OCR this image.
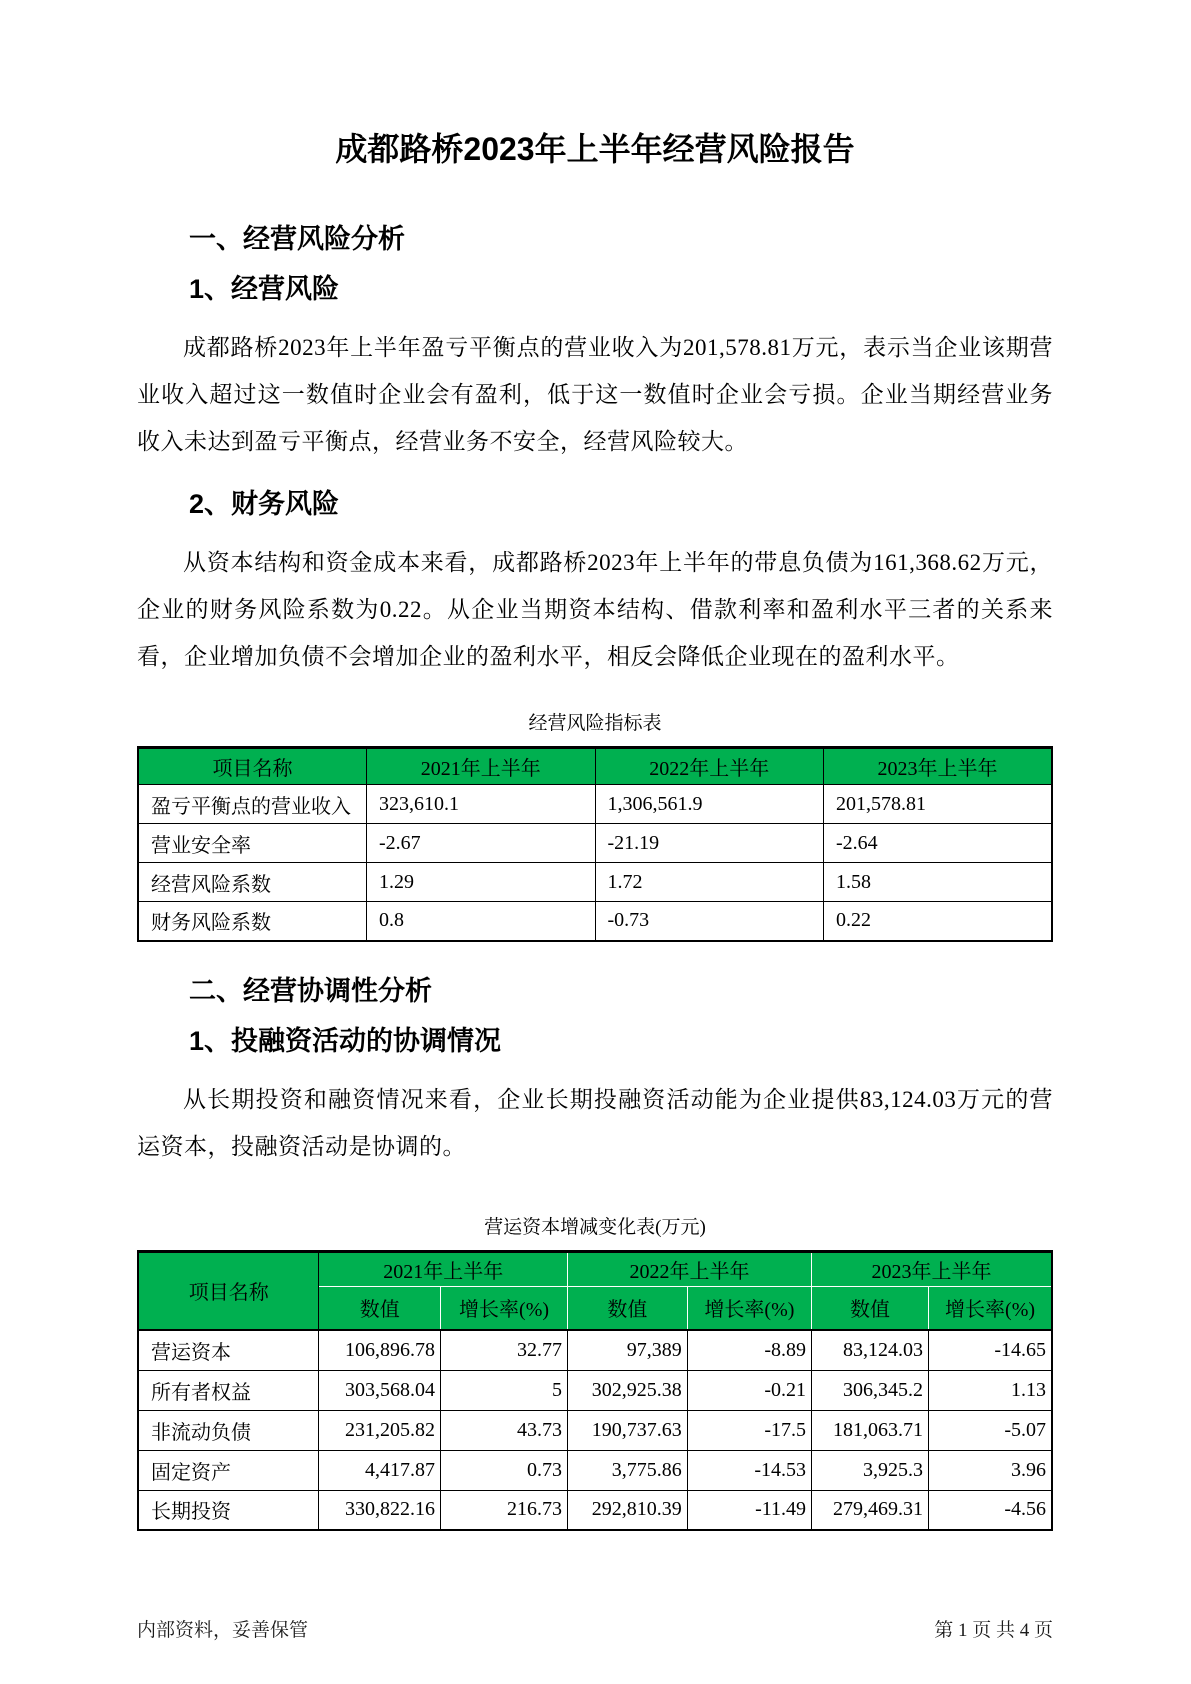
成都路桥2023年上半年经营风险报告
一、经营风险分析
1、经营风险

成都路桥2023年上半年盈亏平衡点的营业收入为201,578.81万元，表示当企业该期营业收入超过这一数值时企业会有盈利，低于这一数值时企业会亏损。企业当期经营业务收入未达到盈亏平衡点，经营业务不安全，经营风险较大。

2、财务风险

从资本结构和资金成本来看，成都路桥2023年上半年的带息负债为161,368.62万元，企业的财务风险系数为0.22。从企业当期资本结构、借款利率和盈利水平三者的关系来看，企业增加负债不会增加企业的盈利水平，相反会降低企业现在的盈利水平。

经营风险指标表
项目名称	2021年上半年	2022年上半年	2023年上半年
盈亏平衡点的营业收入	323,610.1	1,306,561.9	201,578.81
营业安全率	-2.67	-21.19	-2.64
经营风险系数	1.29	1.72	1.58
财务风险系数	0.8	-0.73	0.22
二、经营协调性分析
1、投融资活动的协调情况

从长期投资和融资情况来看，企业长期投融资活动能为企业提供83,124.03万元的营运资本，投融资活动是协调的。

营运资本增减变化表(万元)
项目名称	2021年上半年		2022年上半年		2023年上半年	
	数值	增长率(%)	数值	增长率(%)	数值	增长率(%)
营运资本	106,896.78	32.77	97,389	-8.89	83,124.03	-14.65
所有者权益	303,568.04	5	302,925.38	-0.21	306,345.2	1.13
非流动负债	231,205.82	43.73	190,737.63	-17.5	181,063.71	-5.07
固定资产	4,417.87	0.73	3,775.86	-14.53	3,925.3	3.96
长期投资	330,822.16	216.73	292,810.39	-11.49	279,469.31	-4.56
内部资料，妥善保管	第 1 页 共 4 页
